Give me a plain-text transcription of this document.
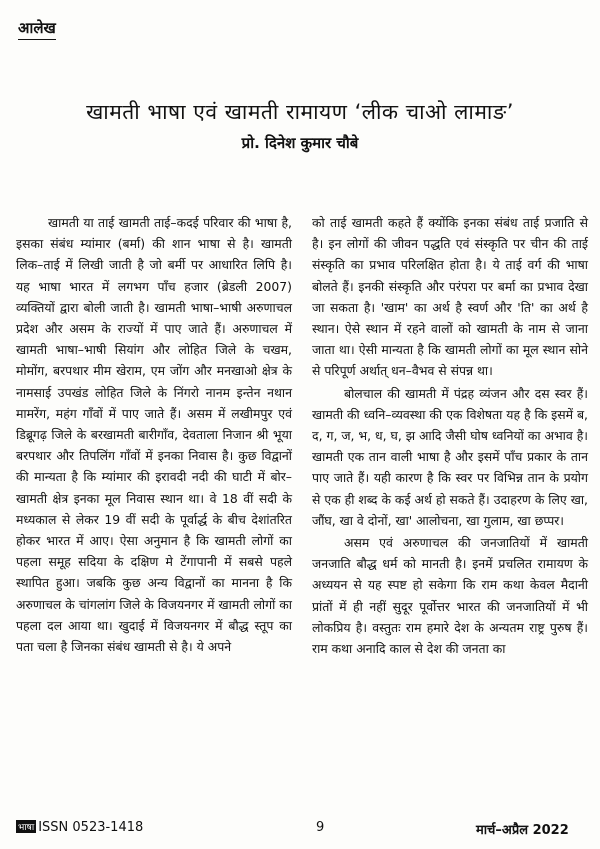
आलेख
खामती भाषा एवं खामती रामायण ‘लीक चाओ लामाङ’
प्रो. दिनेश कुमार चौबे

खामती या ताई खामती ताई–कदई परिवार की भाषा है, इसका संबंध म्यांमार (बर्मा) की शान भाषा से है। खामती लिक–ताई में लिखी जाती है जो बर्मी पर आधारित लिपि है। यह भाषा भारत में लगभग पाँच हजार (ब्रेडली 2007) व्यक्तियों द्वारा बोली जाती है। खामती भाषा–भाषी अरुणाचल प्रदेश और असम के राज्यों में पाए जाते हैं। अरुणाचल में खामती भाषा–भाषी सियांग और लोहित जिले के चखम, मोमोंग, बरपथार मीम खेराम, एम जोंग और मनखाओ क्षेत्र के नामसाई उपखंड लोहित जिले के निंगरो नानम इन्तेन नथान मामरेंग, महंग गाँवों में पाए जाते हैं। असम में लखीमपुर एवं डिब्रूगढ़ जिले के बरखामती बारीगाँव, देवताला निजान श्री भूया बरपथार और तिपलिंग गाँवों में इनका निवास है। कुछ विद्वानों की मान्यता है कि म्यांमार की इरावदी नदी की घाटी में बोर–खामती क्षेत्र इनका मूल निवास स्थान था। वे 18 वीं सदी के मध्यकाल से लेकर 19 वीं सदी के पूर्वार्द्ध के बीच देशांतरित होकर भारत में आए। ऐसा अनुमान है कि खामती लोगों का पहला समूह सदिया के दक्षिण मे टेंगापानी में सबसे पहले स्थापित हुआ। जबकि कुछ अन्य विद्वानों का मानना है कि अरुणाचल के चांगलांग जिले के विजयनगर में खामती लोगों का पहला दल आया था। खुदाई में विजयनगर में बौद्ध स्तूप का पता चला है जिनका संबंध खामती से है। ये अपने

को ताई खामती कहते हैं क्योंकि इनका संबंध ताई प्रजाति से है। इन लोगों की जीवन पद्धति एवं संस्कृति पर चीन की ताई संस्कृति का प्रभाव परिलक्षित होता है। ये ताई वर्ग की भाषा बोलते हैं। इनकी संस्कृति और परंपरा पर बर्मा का प्रभाव देखा जा सकता है। 'खाम' का अर्थ है स्वर्ण और 'ति' का अर्थ है स्थान। ऐसे स्थान में रहने वालों को खामती के नाम से जाना जाता था। ऐसी मान्यता है कि खामती लोगों का मूल स्थान सोने से परिपूर्ण अर्थात् धन–वैभव से संपन्न था।

बोलचाल की खामती में पंद्रह व्यंजन और दस स्वर हैं। खामती की ध्वनि–व्यवस्था की एक विशेषता यह है कि इसमें ब, द, ग, ज, भ, ध, घ, झ आदि जैसी घोष ध्वनियों का अभाव है। खामती एक तान वाली भाषा है और इसमें पाँच प्रकार के तान पाए जाते हैं। यही कारण है कि स्वर पर विभिन्न तान के प्रयोग से एक ही शब्द के कई अर्थ हो सकते हैं। उदाहरण के लिए खा, जौंघ, खा वे दोनों, खा' आलोचना, खा गुलाम, खा छप्पर।

असम एवं अरुणाचल की जनजातियों में खामती जनजाति बौद्ध धर्म को मानती है। इनमें प्रचलित रामायण के अध्ययन से यह स्पष्ट हो सकेगा कि राम कथा केवल मैदानी प्रांतों में ही नहीं सुदूर पूर्वोत्तर भारत की जनजातियों में भी लोकप्रिय है। वस्तुतः राम हमारे देश के अन्यतम राष्ट्र पुरुष हैं। राम कथा अनादि काल से देश की जनता का

भाषा ISSN 0523-1418	9	मार्च–अप्रैल 2022
